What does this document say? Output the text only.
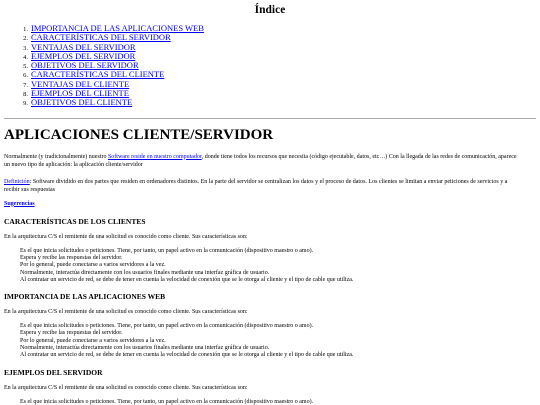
Índice
1. IMPORTANCIA DE LAS APLICACIONES WEB
2. CARACTERÍSTICAS DEL SERVIDOR
3. VENTAJAS DEL SERVIDOR
4. EJEMPLOS DEL SERVIDOR
5. OBJETIVOS DEL SERVIDOR
6. CARACTERÍSTICAS DEL CLIENTE
7. VENTAJAS DEL CLIENTE
8. EJEMPLOS DEL CLIENTE
9. OBJETIVOS DEL CLIENTE
APLICACIONES CLIENTE/SERVIDOR

Normalmente (y tradicionalmente) nuestro Software reside en nuestro computador, donde tiene todos los recursos que necesita (código ejecutable, datos, etc…) Con la llegada de las redes de comunicación, aparece un nuevo tipo de aplicación: la aplicación cliente/servidor

Definición: Software dividido en dos partes que residen en ordenadores distintos. En la parte del servidor se centralizan los datos y el proceso de datos. Los clientes se limitan a enviar peticiones de servicios y a recibir sus respuestas

Sugerencias
CARACTERÍSTICAS DE LOS CLIENTES

En la arquitectura C/S el remitente de una solicitud es conocido como cliente. Sus características son:

Es el que inicia solicitudes o peticiones. Tiene, por tanto, un papel activo en la comunicación (dispositivo maestro o amo).
Espera y recibe las respuestas del servidor.
Por lo general, puede conectarse a varios servidores a la vez.
Normalmente, interactúa directamente con los usuarios finales mediante una interfaz gráfica de usuario.
Al contratar un servicio de red, se debe de tener en cuenta la velocidad de conexión que se le otorga al cliente y el tipo de cable que utiliza.
IMPORTANCIA DE LAS APLICACIONES WEB

En la arquitectura C/S el remitente de una solicitud es conocido como cliente. Sus características son:

Es el que inicia solicitudes o peticiones. Tiene, por tanto, un papel activo en la comunicación (dispositivo maestro o amo).
Espera y recibe las respuestas del servidor.
Por lo general, puede conectarse a varios servidores a la vez.
Normalmente, interactúa directamente con los usuarios finales mediante una interfaz gráfica de usuario.
Al contratar un servicio de red, se debe de tener en cuenta la velocidad de conexión que se le otorga al cliente y el tipo de cable que utiliza.
EJEMPLOS DEL SERVIDOR

En la arquitectura C/S el remitente de una solicitud es conocido como cliente. Sus características son:

Es el que inicia solicitudes o peticiones. Tiene, por tanto, un papel activo en la comunicación (dispositivo maestro o amo).
